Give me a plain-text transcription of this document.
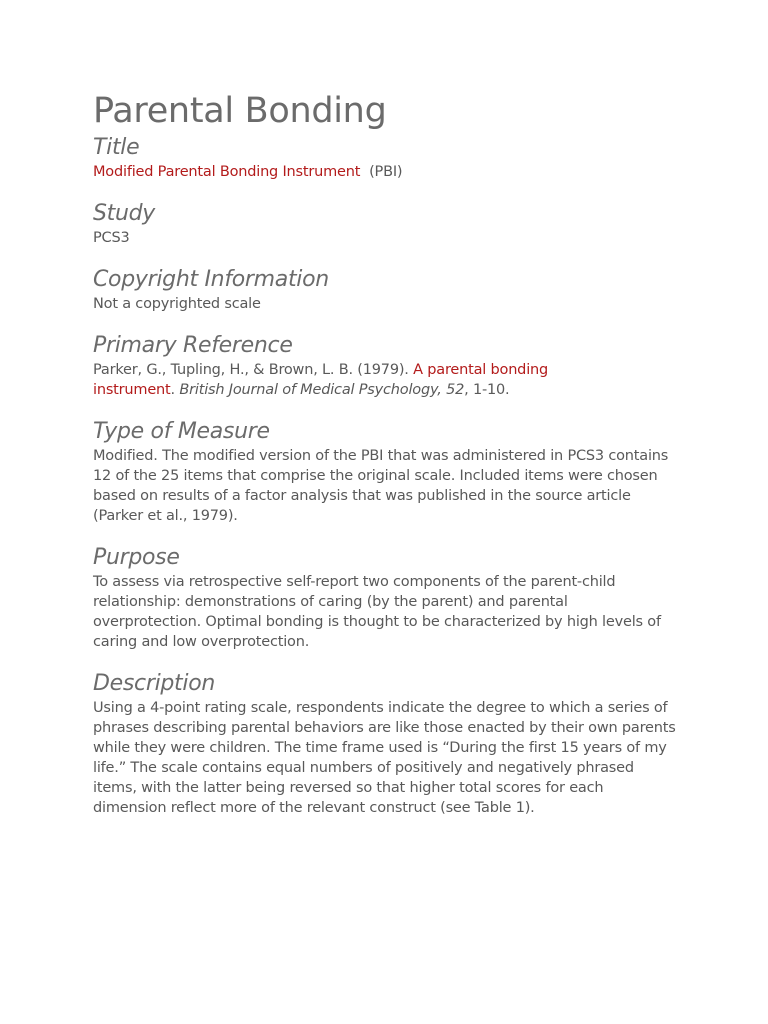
Parental Bonding
Title

Modified Parental Bonding Instrument (PBI)

Study

PCS3

Copyright Information

Not a copyrighted scale

Primary Reference

Parker, G., Tupling, H., & Brown, L. B. (1979). A parental bonding
instrument. British Journal of Medical Psychology, 52, 1-10.

Type of Measure

Modified. The modified version of the PBI that was administered in PCS3 contains 12 of the 25 items that comprise the original scale. Included items were chosen based on results of a factor analysis that was published in the source article (Parker et al., 1979).

Purpose

To assess via retrospective self-report two components of the parent-child relationship: demonstrations of caring (by the parent) and parental overprotection. Optimal bonding is thought to be characterized by high levels of caring and low overprotection.

Description

Using a 4-point rating scale, respondents indicate the degree to which a series of phrases describing parental behaviors are like those enacted by their own parents while they were children. The time frame used is “During the first 15 years of my life.” The scale contains equal numbers of positively and negatively phrased items, with the latter being reversed so that higher total scores for each dimension reflect more of the relevant construct (see Table 1).
